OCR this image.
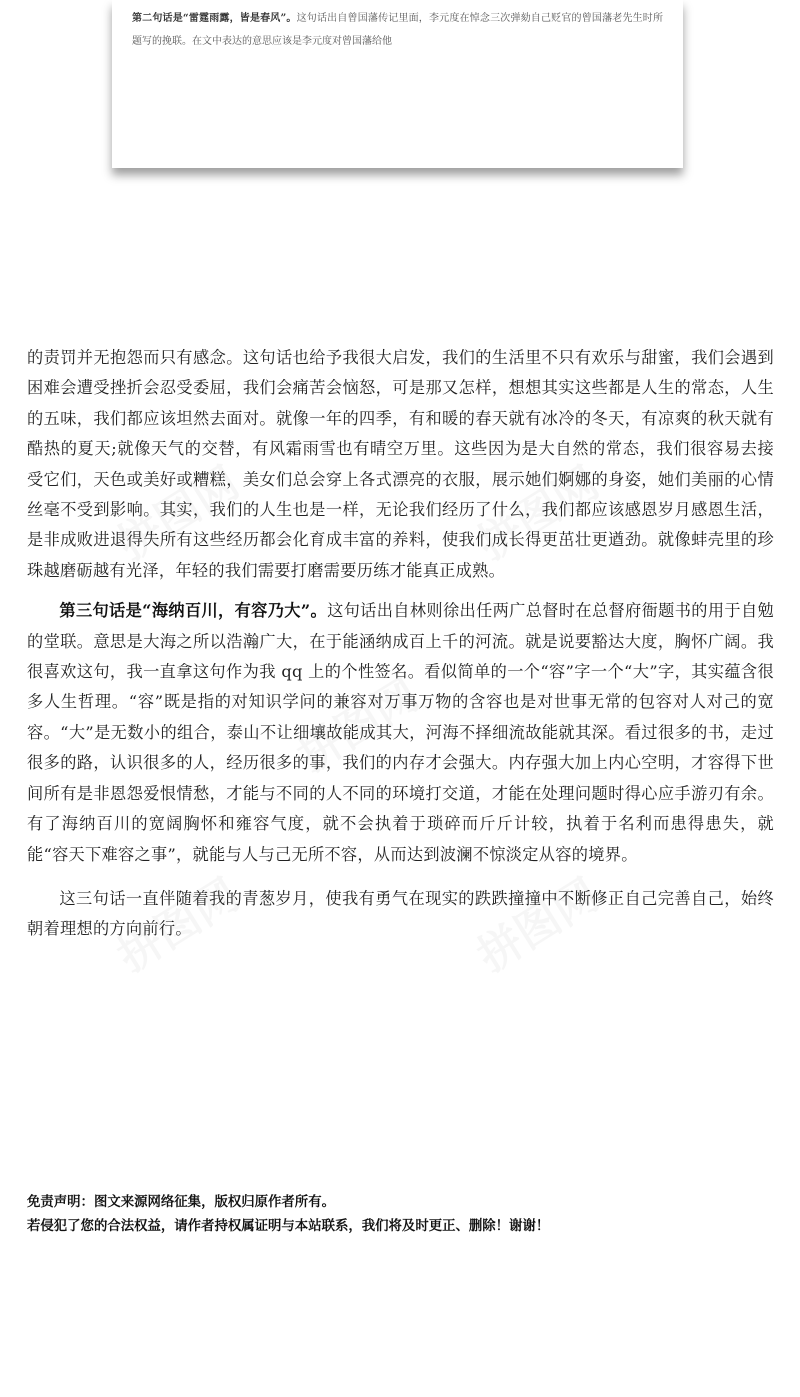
第二句话是“雷霆雨露，皆是春风”。这句话出自曾国藩传记里面，李元度在悼念三次弹劾自己贬官的曾国藩老先生时所题写的挽联。在文中表达的意思应该是李元度对曾国藩给他

的责罚并无抱怨而只有感念。这句话也给予我很大启发，我们的生活里不只有欢乐与甜蜜，我们会遇到困难会遭受挫折会忍受委屈，我们会痛苦会恼怒，可是那又怎样，想想其实这些都是人生的常态，人生的五味，我们都应该坦然去面对。就像一年的四季，有和暖的春天就有冰冷的冬天，有凉爽的秋天就有酷热的夏天;就像天气的交替，有风霜雨雪也有晴空万里。这些因为是大自然的常态，我们很容易去接受它们，天色或美好或糟糕，美女们总会穿上各式漂亮的衣服，展示她们婀娜的身姿，她们美丽的心情丝毫不受到影响。其实，我们的人生也是一样，无论我们经历了什么，我们都应该感恩岁月感恩生活，是非成败进退得失所有这些经历都会化育成丰富的养料，使我们成长得更茁壮更遒劲。就像蚌壳里的珍珠越磨砺越有光泽，年轻的我们需要打磨需要历练才能真正成熟。

第三句话是“海纳百川，有容乃大”。这句话出自林则徐出任两广总督时在总督府衙题书的用于自勉的堂联。意思是大海之所以浩瀚广大，在于能涵纳成百上千的河流。就是说要豁达大度，胸怀广阔。我很喜欢这句，我一直拿这句作为我 qq 上的个性签名。看似简单的一个“容”字一个“大”字，其实蕴含很多人生哲理。“容”既是指的对知识学问的兼容对万事万物的含容也是对世事无常的包容对人对己的宽容。“大”是无数小的组合，泰山不让细壤故能成其大，河海不择细流故能就其深。看过很多的书，走过很多的路，认识很多的人，经历很多的事，我们的内存才会强大。内存强大加上内心空明，才容得下世间所有是非恩怨爱恨情愁，才能与不同的人不同的环境打交道，才能在处理问题时得心应手游刃有余。有了海纳百川的宽阔胸怀和雍容气度，就不会执着于琐碎而斤斤计较，执着于名利而患得患失，就能“容天下难容之事”，就能与人与己无所不容，从而达到波澜不惊淡定从容的境界。

这三句话一直伴随着我的青葱岁月，使我有勇气在现实的跌跌撞撞中不断修正自己完善自己，始终朝着理想的方向前行。

免责声明：图文来源网络征集，版权归原作者所有。
若侵犯了您的合法权益，请作者持权属证明与本站联系，我们将及时更正、删除！谢谢！
